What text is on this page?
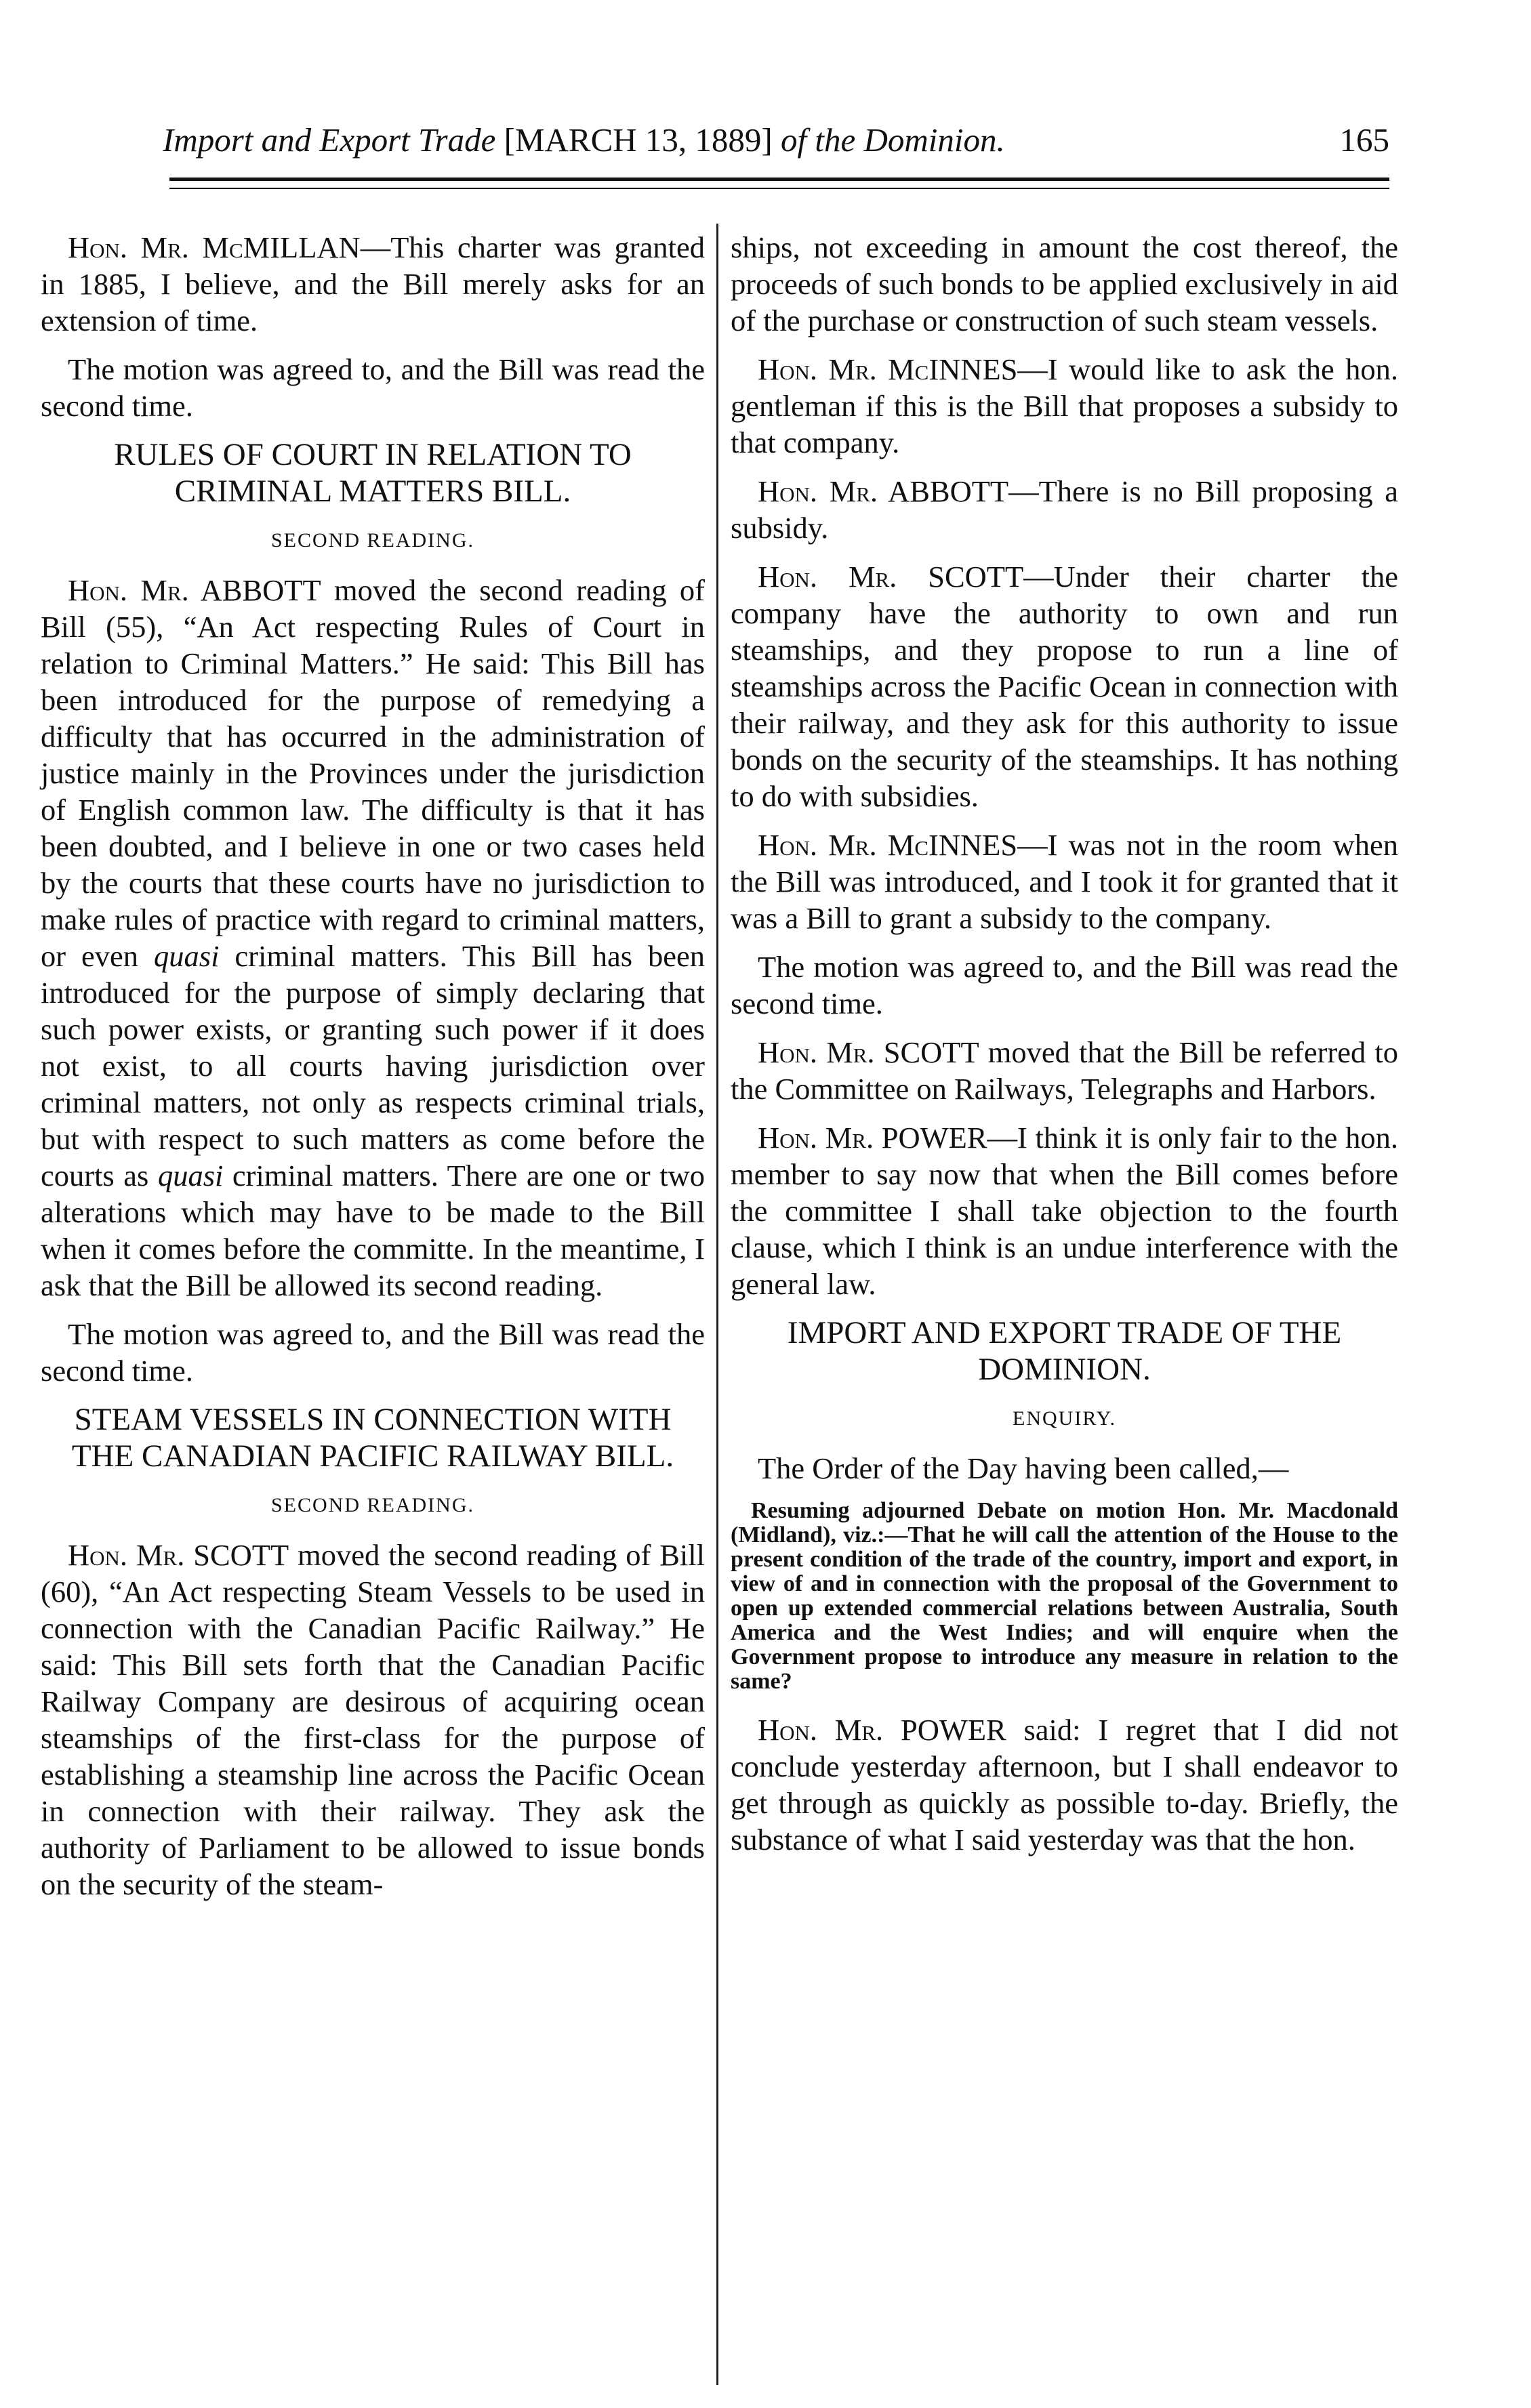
Import and Export Trade [MARCH 13, 1889] of the Dominion.	165

Hon. Mr. McMILLAN—This charter was granted in 1885, I believe, and the Bill merely asks for an extension of time.

The motion was agreed to, and the Bill was read the second time.

RULES OF COURT IN RELATION TO CRIMINAL MATTERS BILL.
SECOND READING.

Hon. Mr. ABBOTT moved the second reading of Bill (55), “An Act respecting Rules of Court in relation to Criminal Matters.” He said: This Bill has been introduced for the purpose of remedying a difficulty that has occurred in the administration of justice mainly in the Provinces under the jurisdiction of English common law. The difficulty is that it has been doubted, and I believe in one or two cases held by the courts that these courts have no jurisdiction to make rules of practice with regard to criminal matters, or even quasi criminal matters. This Bill has been introduced for the purpose of simply declaring that such power exists, or granting such power if it does not exist, to all courts having jurisdiction over criminal matters, not only as respects criminal trials, but with respect to such matters as come before the courts as quasi criminal matters. There are one or two alterations which may have to be made to the Bill when it comes before the committe. In the meantime, I ask that the Bill be allowed its second reading.

The motion was agreed to, and the Bill was read the second time.

STEAM VESSELS IN CONNECTION WITH THE CANADIAN PACIFIC RAILWAY BILL.
SECOND READING.

Hon. Mr. SCOTT moved the second reading of Bill (60), “An Act respecting Steam Vessels to be used in connection with the Canadian Pacific Railway.” He said: This Bill sets forth that the Canadian Pacific Railway Company are desirous of acquiring ocean steamships of the first-class for the purpose of establishing a steamship line across the Pacific Ocean in connection with their railway. They ask the authority of Parliament to be allowed to issue bonds on the security of the steam-

ships, not exceeding in amount the cost thereof, the proceeds of such bonds to be applied exclusively in aid of the purchase or construction of such steam vessels.

Hon. Mr. McINNES—I would like to ask the hon. gentleman if this is the Bill that proposes a subsidy to that company.

Hon. Mr. ABBOTT—There is no Bill proposing a subsidy.

Hon. Mr. SCOTT—Under their charter the company have the authority to own and run steamships, and they propose to run a line of steamships across the Pacific Ocean in connection with their railway, and they ask for this authority to issue bonds on the security of the steamships. It has nothing to do with subsidies.

Hon. Mr. McINNES—I was not in the room when the Bill was introduced, and I took it for granted that it was a Bill to grant a subsidy to the company.

The motion was agreed to, and the Bill was read the second time.

Hon. Mr. SCOTT moved that the Bill be referred to the Committee on Railways, Telegraphs and Harbors.

Hon. Mr. POWER—I think it is only fair to the hon. member to say now that when the Bill comes before the committee I shall take objection to the fourth clause, which I think is an undue interference with the general law.

IMPORT AND EXPORT TRADE OF THE DOMINION.
ENQUIRY.

The Order of the Day having been called,—

Resuming adjourned Debate on motion Hon. Mr. Macdonald (Midland), viz.:—That he will call the attention of the House to the present condition of the trade of the country, import and export, in view of and in connection with the proposal of the Government to open up extended commercial relations between Australia, South America and the West Indies; and will enquire when the Government propose to introduce any measure in relation to the same?

Hon. Mr. POWER said: I regret that I did not conclude yesterday afternoon, but I shall endeavor to get through as quickly as possible to-day. Briefly, the substance of what I said yesterday was that the hon.
